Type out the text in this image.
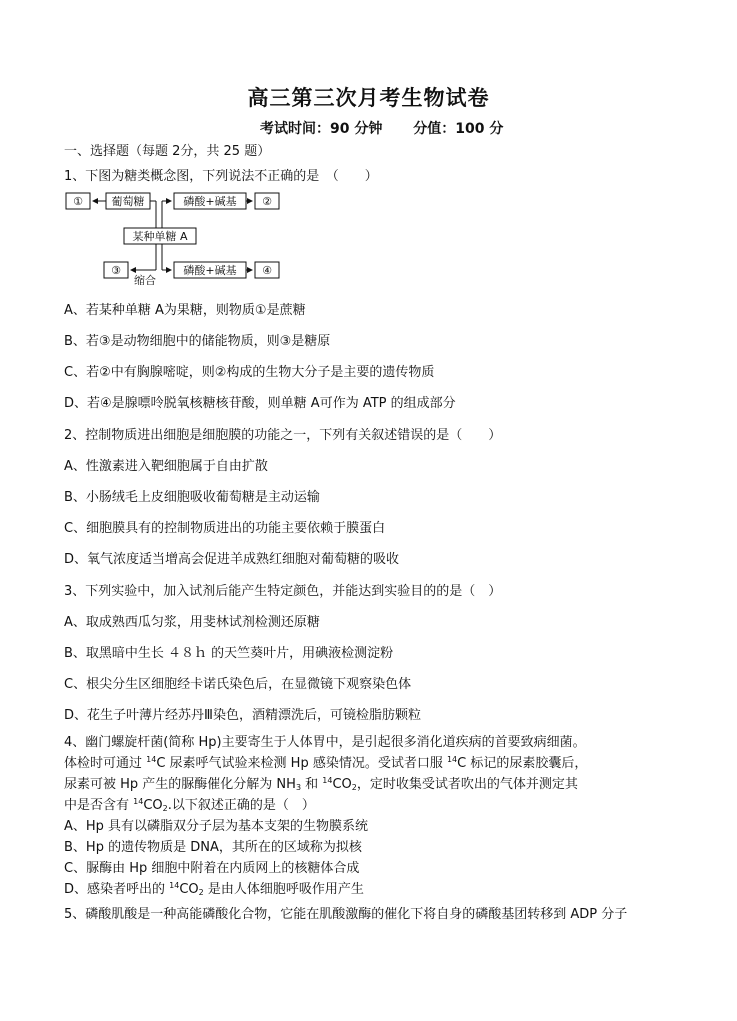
高三第三次月考生物试卷
考试时间：90 分钟 分值：100 分
一、选择题（每题 2分，共 25 题）
1、下图为糖类概念图，下列说法不正确的是　（　　）
①	葡萄糖	磷酸+碱基 ②
某种单糖 A
③
缩合
磷酸+碱基 ④
A、若某种单糖 A为果糖，则物质①是蔗糖
B、若③是动物细胞中的储能物质，则③是糖原
C、若②中有胸腺嘧啶，则②构成的生物大分子是主要的遗传物质
D、若④是腺嘌呤脱氧核糖核苷酸，则单糖 A可作为 ATP 的组成部分
2、控制物质进出细胞是细胞膜的功能之一，下列有关叙述错误的是（　　）
A、性激素进入靶细胞属于自由扩散
B、小肠绒毛上皮细胞吸收葡萄糖是主动运输
C、细胞膜具有的控制物质进出的功能主要依赖于膜蛋白
D、氧气浓度适当增高会促进羊成熟红细胞对葡萄糖的吸收
3、下列实验中，加入试剂后能产生特定颜色，并能达到实验目的的是（　）
A、取成熟西瓜匀浆，用斐林试剂检测还原糖
B、取黑暗中生长 ４８ｈ 的天竺葵叶片，用碘液检测淀粉
C、根尖分生区细胞经卡诺氏染色后，在显微镜下观察染色体
D、花生子叶薄片经苏丹Ⅲ染色，酒精漂洗后，可镜检脂肪颗粒
4、幽门螺旋杆菌(简称 Hp)主要寄生于人体胃中，是引起很多消化道疾病的首要致病细菌。
体检时可通过 $^{14}$C 尿素呼气试验来检测 Hp 感染情况。受试者口服 $^{14}$C 标记的尿素胶囊后，
尿素可被 Hp 产生的脲酶催化分解为 $NH_3$ 和 $^{14}CO_2$，定时收集受试者吹出的气体并测定其
中是否含有 $^{14}CO_2$.以下叙述正确的是（　）
A、Hp 具有以磷脂双分子层为基本支架的生物膜系统
B、Hp 的遗传物质是 DNA，其所在的区域称为拟核
C、脲酶由 Hp 细胞中附着在内质网上的核糖体合成
D、感染者呼出的 $^{14}CO_2$ 是由人体细胞呼吸作用产生
5、磷酸肌酸是一种高能磷酸化合物，它能在肌酸激酶的催化下将自身的磷酸基团转移到 ADP 分子
